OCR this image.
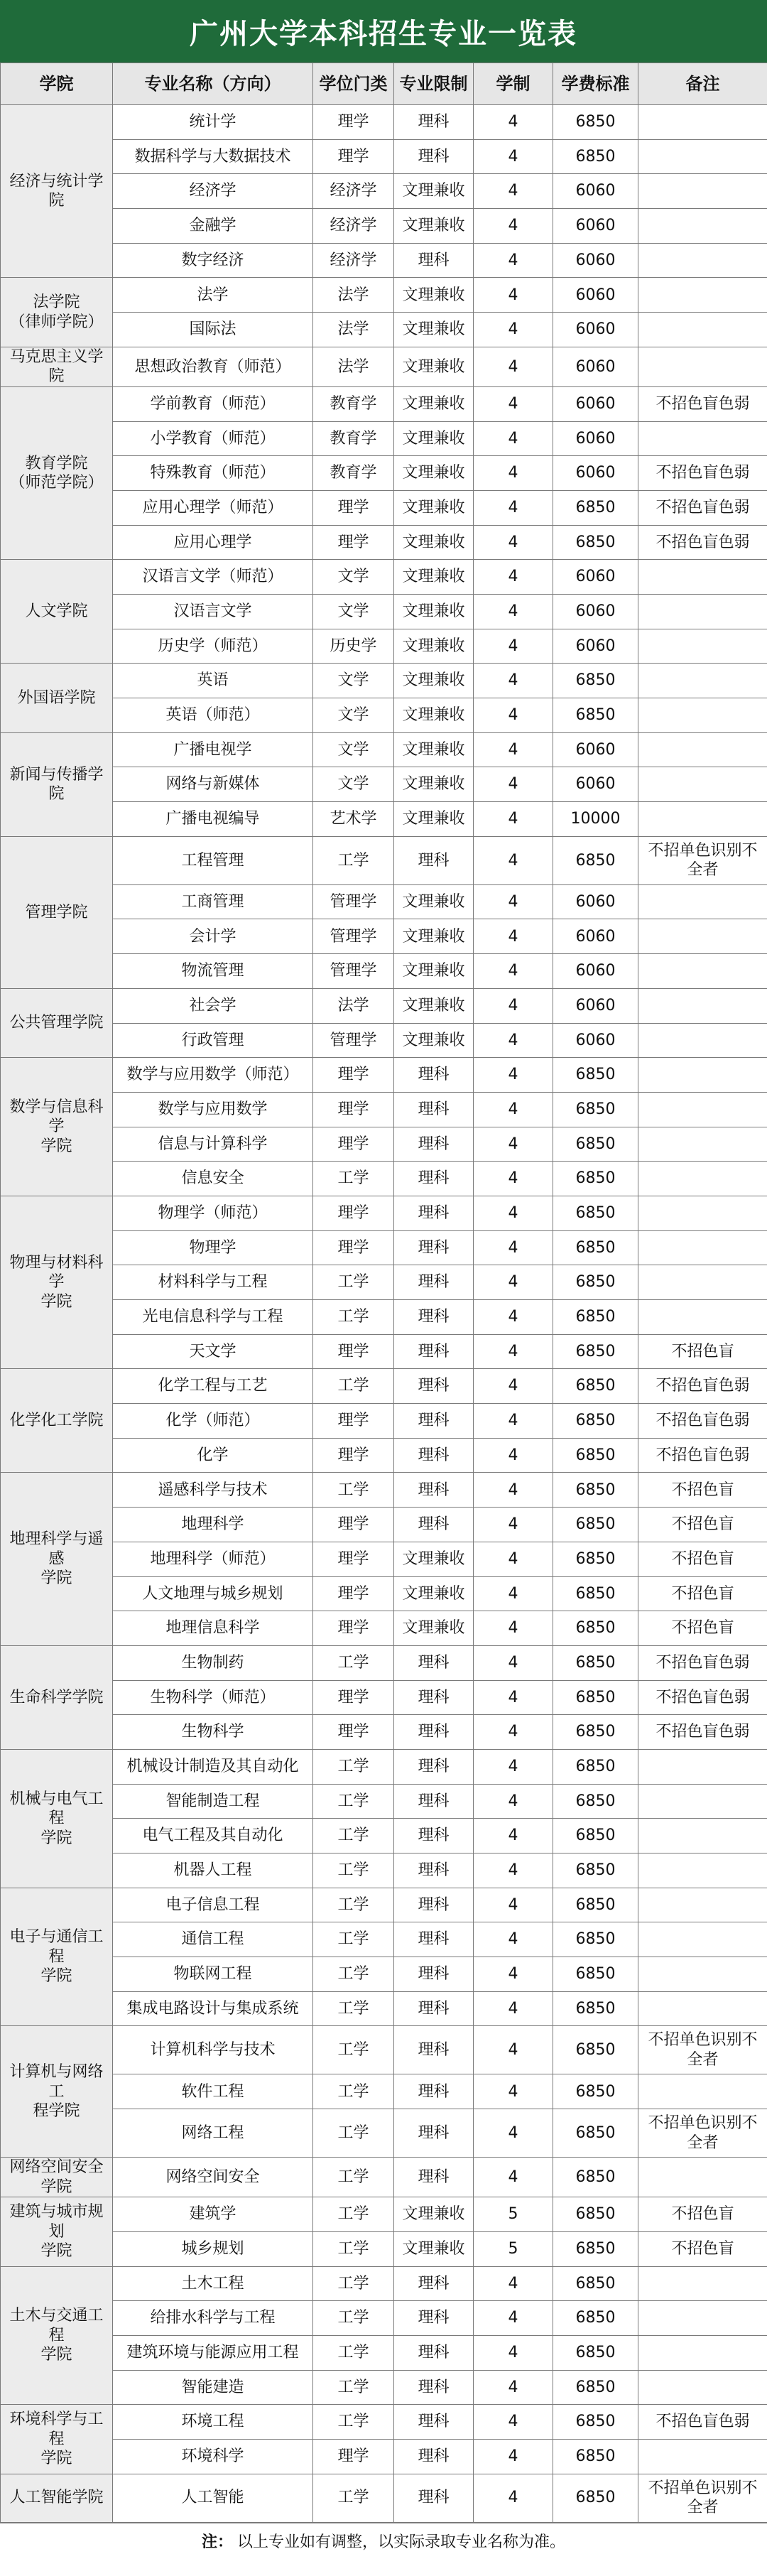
广州大学本科招生专业一览表
学院	专业名称（方向）	学位门类	专业限制	学制	学费标准	备注
经济与统计学院	统计学	理学	理科	4	6850	
	数据科学与大数据技术	理学	理科	4	6850	
	经济学	经济学	文理兼收	4	6060	
	金融学	经济学	文理兼收	4	6060	
	数字经济	经济学	理科	4	6060	
法学院
（律师学院）	法学	法学	文理兼收	4	6060	
	国际法	法学	文理兼收	4	6060	
马克思主义学院	思想政治教育（师范）	法学	文理兼收	4	6060	
教育学院
（师范学院）	学前教育（师范）	教育学	文理兼收	4	6060	不招色盲色弱
	小学教育（师范）	教育学	文理兼收	4	6060	
	特殊教育（师范）	教育学	文理兼收	4	6060	不招色盲色弱
	应用心理学（师范）	理学	文理兼收	4	6850	不招色盲色弱
	应用心理学	理学	文理兼收	4	6850	不招色盲色弱
人文学院	汉语言文学（师范）	文学	文理兼收	4	6060	
	汉语言文学	文学	文理兼收	4	6060	
	历史学（师范）	历史学	文理兼收	4	6060	
外国语学院	英语	文学	文理兼收	4	6850	
	英语（师范）	文学	文理兼收	4	6850	
新闻与传播学院	广播电视学	文学	文理兼收	4	6060	
	网络与新媒体	文学	文理兼收	4	6060	
	广播电视编导	艺术学	文理兼收	4	10000	
管理学院	工程管理	工学	理科	4	6850	不招单色识别不全者
	工商管理	管理学	文理兼收	4	6060	
	会计学	管理学	文理兼收	4	6060	
	物流管理	管理学	文理兼收	4	6060	
公共管理学院	社会学	法学	文理兼收	4	6060	
	行政管理	管理学	文理兼收	4	6060	
数学与信息科学
学院	数学与应用数学（师范）	理学	理科	4	6850	
	数学与应用数学	理学	理科	4	6850	
	信息与计算科学	理学	理科	4	6850	
	信息安全	工学	理科	4	6850	
物理与材料科学
学院	物理学（师范）	理学	理科	4	6850	
	物理学	理学	理科	4	6850	
	材料科学与工程	工学	理科	4	6850	
	光电信息科学与工程	工学	理科	4	6850	
	天文学	理学	理科	4	6850	不招色盲
化学化工学院	化学工程与工艺	工学	理科	4	6850	不招色盲色弱
	化学（师范）	理学	理科	4	6850	不招色盲色弱
	化学	理学	理科	4	6850	不招色盲色弱
地理科学与遥感
学院	遥感科学与技术	工学	理科	4	6850	不招色盲
	地理科学	理学	理科	4	6850	不招色盲
	地理科学（师范）	理学	文理兼收	4	6850	不招色盲
	人文地理与城乡规划	理学	文理兼收	4	6850	不招色盲
	地理信息科学	理学	文理兼收	4	6850	不招色盲
生命科学学院	生物制药	工学	理科	4	6850	不招色盲色弱
	生物科学（师范）	理学	理科	4	6850	不招色盲色弱
	生物科学	理学	理科	4	6850	不招色盲色弱
机械与电气工程
学院	机械设计制造及其自动化	工学	理科	4	6850	
	智能制造工程	工学	理科	4	6850	
	电气工程及其自动化	工学	理科	4	6850	
	机器人工程	工学	理科	4	6850	
电子与通信工程
学院	电子信息工程	工学	理科	4	6850	
	通信工程	工学	理科	4	6850	
	物联网工程	工学	理科	4	6850	
	集成电路设计与集成系统	工学	理科	4	6850	
计算机与网络工
程学院	计算机科学与技术	工学	理科	4	6850	不招单色识别不全者
	软件工程	工学	理科	4	6850	
	网络工程	工学	理科	4	6850	不招单色识别不全者
网络空间安全
学院	网络空间安全	工学	理科	4	6850	
建筑与城市规划
学院	建筑学	工学	文理兼收	5	6850	不招色盲
	城乡规划	工学	文理兼收	5	6850	不招色盲
土木与交通工程
学院	土木工程	工学	理科	4	6850	
	给排水科学与工程	工学	理科	4	6850	
	建筑环境与能源应用工程	工学	理科	4	6850	
	智能建造	工学	理科	4	6850	
环境科学与工程
学院	环境工程	工学	理科	4	6850	不招色盲色弱
	环境科学	理学	理科	4	6850	
人工智能学院	人工智能	工学	理科	4	6850	不招单色识别不全者
注： 以上专业如有调整，以实际录取专业名称为准。
